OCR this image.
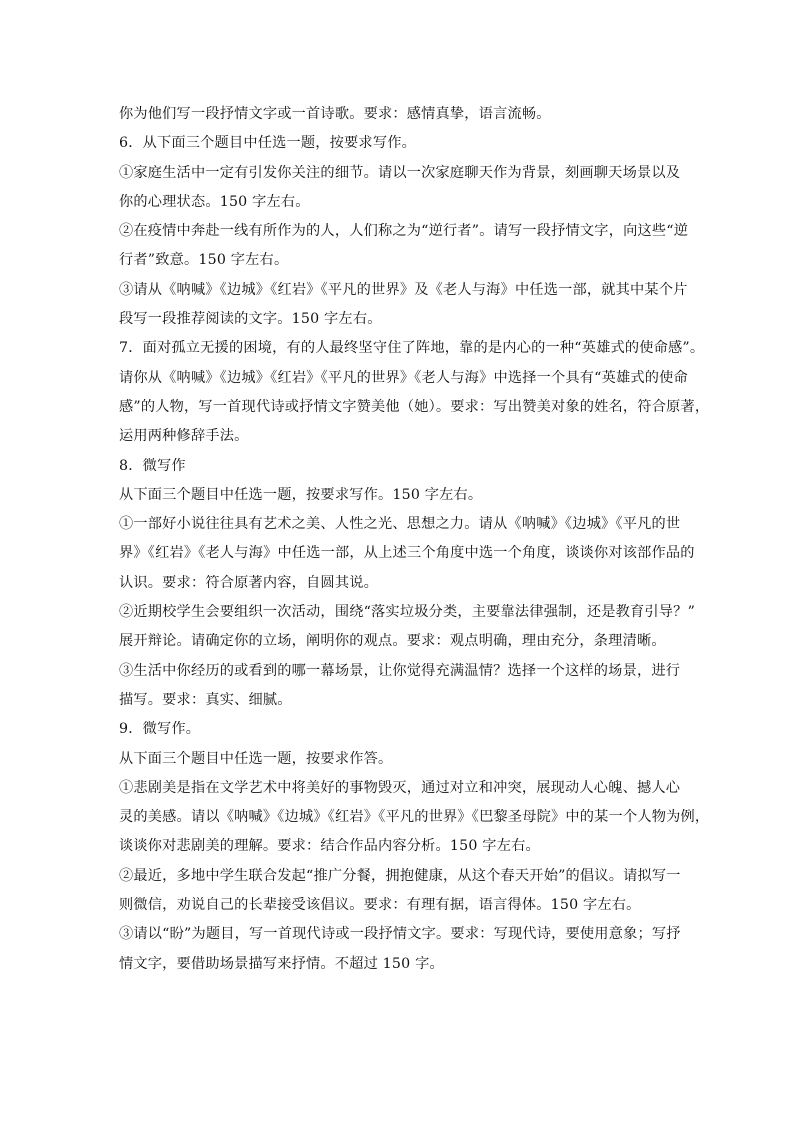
你为他们写一段抒情文字或一首诗歌。要求：感情真挚，语言流畅。
6．从下面三个题目中任选一题，按要求写作。
①家庭生活中一定有引发你关注的细节。请以一次家庭聊天作为背景，刻画聊天场景以及
你的心理状态。150 字左右。
②在疫情中奔赴一线有所作为的人，人们称之为“逆行者”。请写一段抒情文字，向这些“逆
行者”致意。150 字左右。
③请从《呐喊》《边城》《红岩》《平凡的世界》及《老人与海》中任选一部，就其中某个片
段写一段推荐阅读的文字。150 字左右。
7．面对孤立无援的困境，有的人最终坚守住了阵地，靠的是内心的一种“英雄式的使命感”。
请你从《呐喊》《边城》《红岩》《平凡的世界》《老人与海》中选择一个具有“英雄式的使命
感”的人物，写一首现代诗或抒情文字赞美他（她）。要求：写出赞美对象的姓名，符合原著，
运用两种修辞手法。
8．微写作
从下面三个题目中任选一题，按要求写作。150 字左右。
①一部好小说往往具有艺术之美、人性之光、思想之力。请从《呐喊》《边城》《平凡的世
界》《红岩》《老人与海》中任选一部，从上述三个角度中选一个角度，谈谈你对该部作品的
认识。要求：符合原著内容，自圆其说。
②近期校学生会要组织一次活动，围绕“落实垃圾分类，主要靠法律强制，还是教育引导？”
展开辩论。请确定你的立场，阐明你的观点。要求：观点明确，理由充分，条理清晰。
③生活中你经历的或看到的哪一幕场景，让你觉得充满温情？选择一个这样的场景，进行
描写。要求：真实、细腻。
9．微写作。
从下面三个题目中任选一题，按要求作答。
①悲剧美是指在文学艺术中将美好的事物毁灭，通过对立和冲突，展现动人心魄、撼人心
灵的美感。请以《呐喊》《边城》《红岩》《平凡的世界》《巴黎圣母院》中的某一个人物为例，
谈谈你对悲剧美的理解。要求：结合作品内容分析。150 字左右。
②最近，多地中学生联合发起“推广分餐，拥抱健康，从这个春天开始”的倡议。请拟写一
则微信，劝说自己的长辈接受该倡议。要求：有理有据，语言得体。150 字左右。
③请以“盼”为题目，写一首现代诗或一段抒情文字。要求：写现代诗，要使用意象；写抒
情文字，要借助场景描写来抒情。不超过 150 字。
